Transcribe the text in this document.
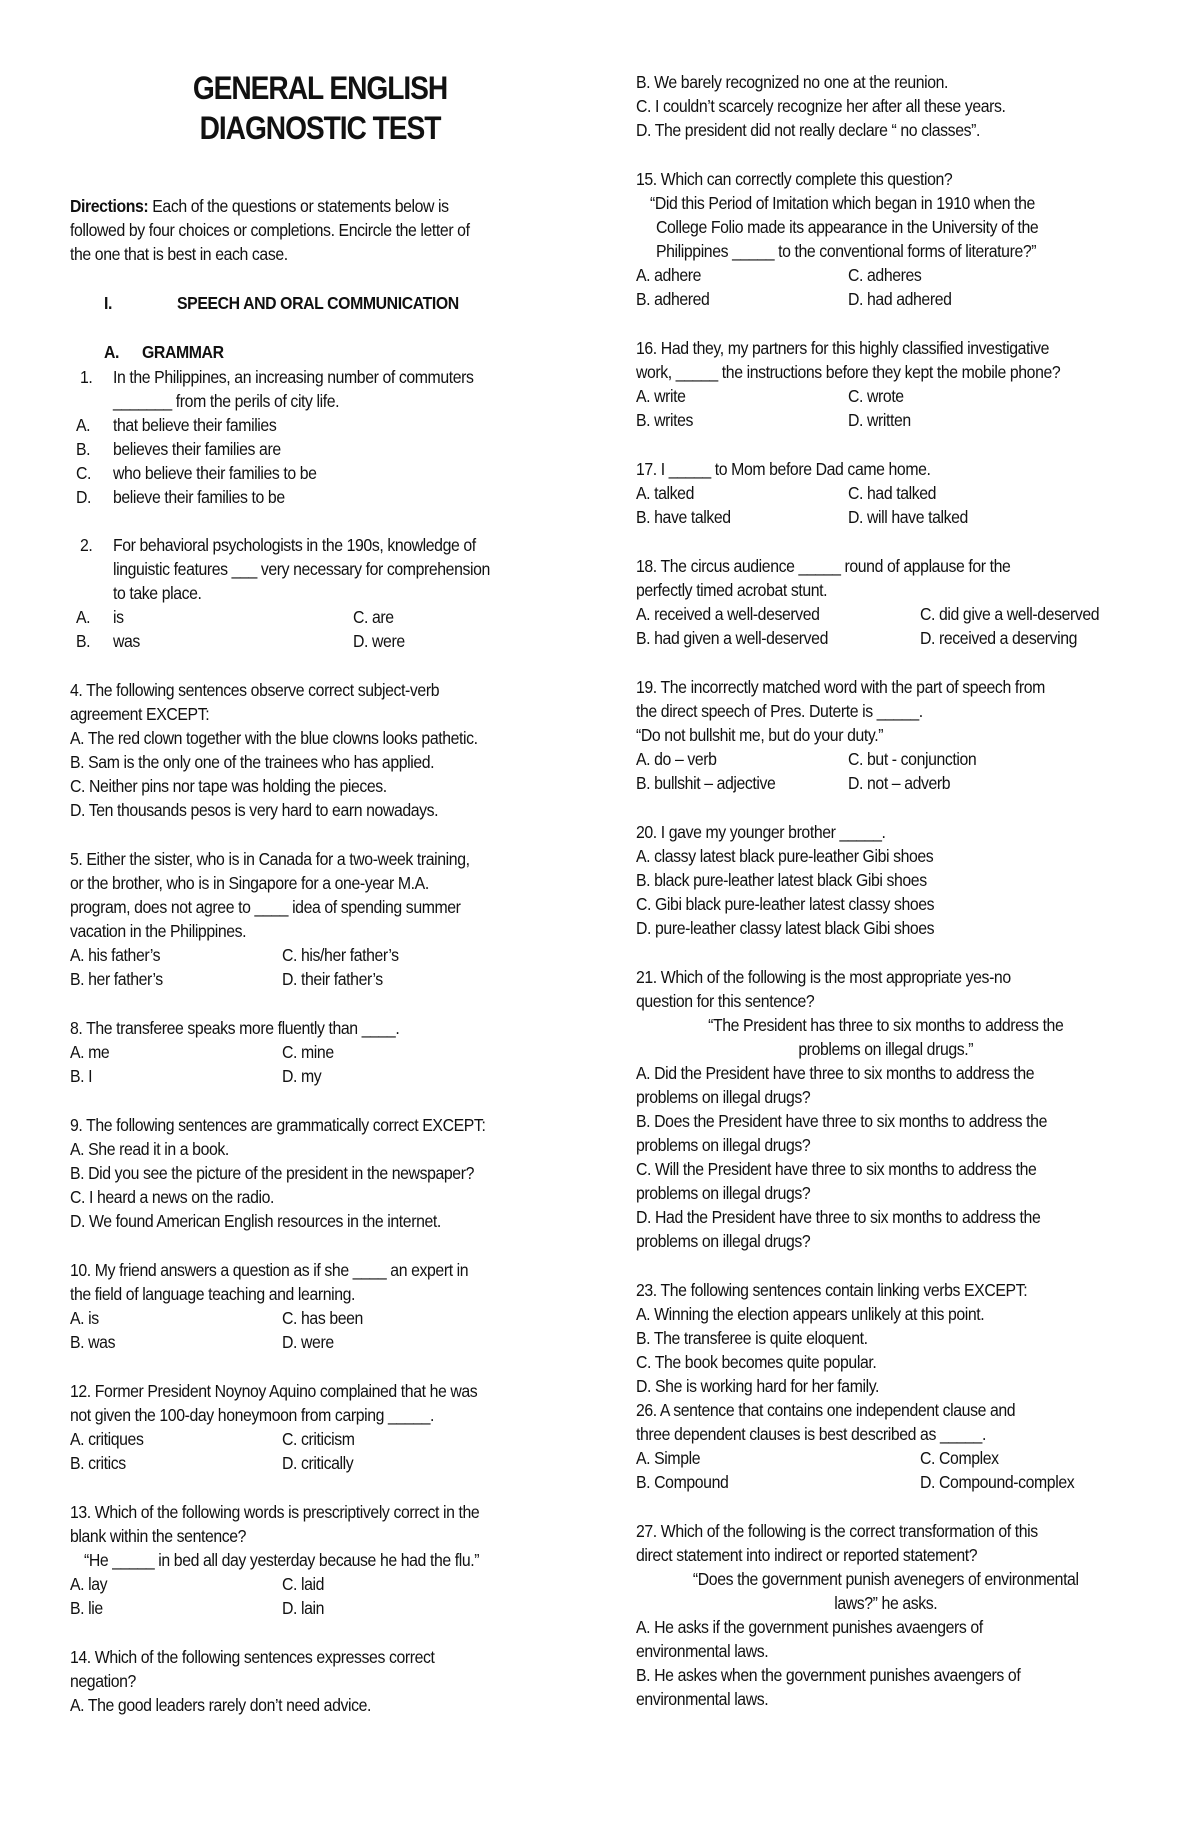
GENERAL ENGLISH
DIAGNOSTIC TEST
Directions: Each of the questions or statements below is
followed by four choices or completions. Encircle the letter of
the one that is best in each case.
I.	SPEECH AND ORAL COMMUNICATION
A. GRAMMAR
1. In the Philippines, an increasing number of commuters
_______ from the perils of city life.
A. that believe their families
B. believes their families are
C. who believe their families to be
D. believe their families to be
2. For behavioral psychologists in the 190s, knowledge of
linguistic features ___ very necessary for comprehension
to take place.
A. is	C. are
B. was	D. were
4. The following sentences observe correct subject-verb
agreement EXCEPT:
A. The red clown together with the blue clowns looks pathetic.
B. Sam is the only one of the trainees who has applied.
C. Neither pins nor tape was holding the pieces.
D. Ten thousands pesos is very hard to earn nowadays.
5. Either the sister, who is in Canada for a two-week training,
or the brother, who is in Singapore for a one-year M.A.
program, does not agree to ____ idea of spending summer
vacation in the Philippines.
A. his father’s	C. his/her father’s
B. her father’s	D. their father’s
8. The transferee speaks more fluently than ____.
A. me	C. mine
B. I	D. my
9. The following sentences are grammatically correct EXCEPT:
A. She read it in a book.
B. Did you see the picture of the president in the newspaper?
C. I heard a news on the radio.
D. We found American English resources in the internet.
10. My friend answers a question as if she ____ an expert in
the field of language teaching and learning.
A. is	C. has been
B. was	D. were
12. Former President Noynoy Aquino complained that he was
not given the 100-day honeymoon from carping _____.
A. critiques	C. criticism
B. critics	D. critically
13. Which of the following words is prescriptively correct in the
blank within the sentence?
“He _____ in bed all day yesterday because he had the flu.”
A. lay	C. laid
B. lie	D. lain
14. Which of the following sentences expresses correct
negation?
A. The good leaders rarely don’t need advice.
B. We barely recognized no one at the reunion.
C. I couldn’t scarcely recognize her after all these years.
D. The president did not really declare “ no classes”.
15. Which can correctly complete this question?
“Did this Period of Imitation which began in 1910 when the
College Folio made its appearance in the University of the
Philippines _____ to the conventional forms of literature?”
A. adhere	C. adheres
B. adhered	D. had adhered
16. Had they, my partners for this highly classified investigative
work, _____ the instructions before they kept the mobile phone?
A. write	C. wrote
B. writes	D. written
17. I _____ to Mom before Dad came home.
A. talked	C. had talked
B. have talked	D. will have talked
18. The circus audience _____ round of applause for the
perfectly timed acrobat stunt.
A. received a well-deserved	C. did give a well-deserved
B. had given a well-deserved	D. received a deserving
19. The incorrectly matched word with the part of speech from
the direct speech of Pres. Duterte is _____.
“Do not bullshit me, but do your duty.”
A. do – verb	C. but - conjunction
B. bullshit – adjective	D. not – adverb
20. I gave my younger brother _____.
A. classy latest black pure-leather Gibi shoes
B. black pure-leather latest black Gibi shoes
C. Gibi black pure-leather latest classy shoes
D. pure-leather classy latest black Gibi shoes
21. Which of the following is the most appropriate yes-no
question for this sentence?
“The President has three to six months to address the
problems on illegal drugs.”
A. Did the President have three to six months to address the
problems on illegal drugs?
B. Does the President have three to six months to address the
problems on illegal drugs?
C. Will the President have three to six months to address the
problems on illegal drugs?
D. Had the President have three to six months to address the
problems on illegal drugs?
23. The following sentences contain linking verbs EXCEPT:
A. Winning the election appears unlikely at this point.
B. The transferee is quite eloquent.
C. The book becomes quite popular.
D. She is working hard for her family.
26. A sentence that contains one independent clause and
three dependent clauses is best described as _____.
A. Simple	C. Complex
B. Compound	D. Compound-complex
27. Which of the following is the correct transformation of this
direct statement into indirect or reported statement?
“Does the government punish avenegers of environmental
laws?” he asks.
A. He asks if the government punishes avaengers of
environmental laws.
B. He askes when the government punishes avaengers of
environmental laws.
